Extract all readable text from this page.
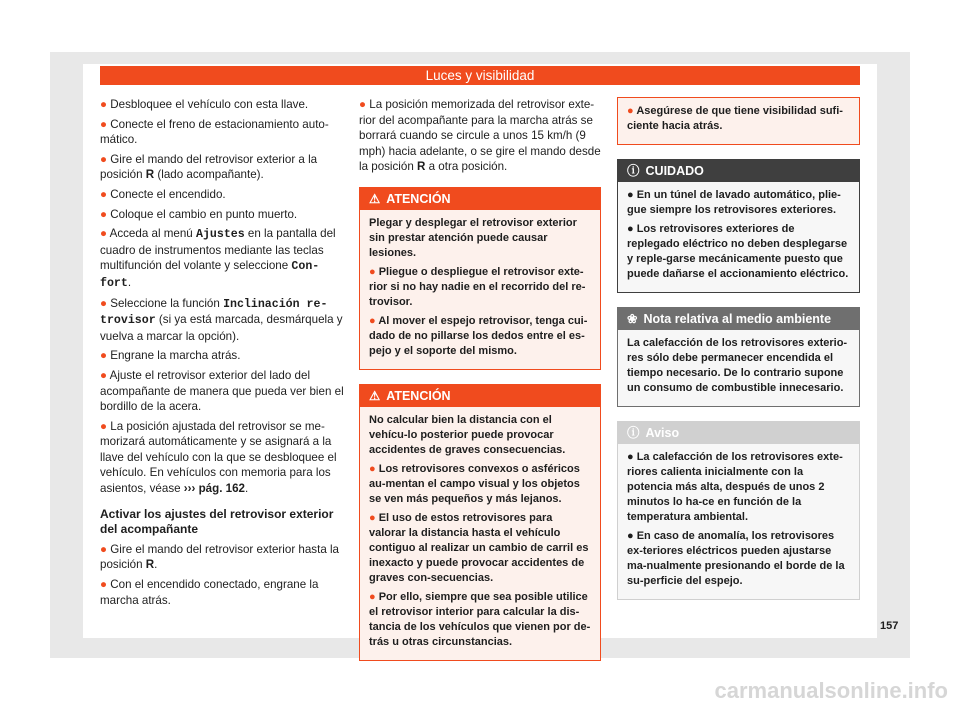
Luces y visibilidad

● Desbloquee el vehículo con esta llave.

● Conecte el freno de estacionamiento auto-mático.

● Gire el mando del retrovisor exterior a la posición R (lado acompañante).

● Conecte el encendido.

● Coloque el cambio en punto muerto.

● Acceda al menú Ajustes en la pantalla del cuadro de instrumentos mediante las teclas multifunción del volante y seleccione Con-fort.

● Seleccione la función Inclinación re-trovisor (si ya está marcada, desmárquela y vuelva a marcar la opción).

● Engrane la marcha atrás.

● Ajuste el retrovisor exterior del lado del acompañante de manera que pueda ver bien el bordillo de la acera.

● La posición ajustada del retrovisor se me-morizará automáticamente y se asignará a la llave del vehículo con la que se desbloquee el vehículo. En vehículos con memoria para los asientos, véase ››› pág. 162.

Activar los ajustes del retrovisor exterior del acompañante

● Gire el mando del retrovisor exterior hasta la posición R.

● Con el encendido conectado, engrane la marcha atrás.

● La posición memorizada del retrovisor exte-rior del acompañante para la marcha atrás se borrará cuando se circule a unos 15 km/h (9 mph) hacia adelante, o se gire el mando desde la posición R a otra posición.

⚠ ATENCIÓN

Plegar y desplegar el retrovisor exterior sin prestar atención puede causar lesiones.

● Pliegue o despliegue el retrovisor exte-rior si no hay nadie en el recorrido del re-trovisor.

● Al mover el espejo retrovisor, tenga cui-dado de no pillarse los dedos entre el es-pejo y el soporte del mismo.

⚠ ATENCIÓN

No calcular bien la distancia con el vehícu-lo posterior puede provocar accidentes de graves consecuencias.

● Los retrovisores convexos o asféricos au-mentan el campo visual y los objetos se ven más pequeños y más lejanos.

● El uso de estos retrovisores para valorar la distancia hasta el vehículo contiguo al realizar un cambio de carril es inexacto y puede provocar accidentes de graves con-secuencias.

● Por ello, siempre que sea posible utilice el retrovisor interior para calcular la dis-tancia de los vehículos que vienen por de-trás u otras circunstancias.

● Asegúrese de que tiene visibilidad sufi-ciente hacia atrás.

ⓘ CUIDADO

● En un túnel de lavado automático, plie-gue siempre los retrovisores exteriores.

● Los retrovisores exteriores de replegado eléctrico no deben desplegarse y reple-garse mecánicamente puesto que puede dañarse el accionamiento eléctrico.

❀ Nota relativa al medio ambiente

La calefacción de los retrovisores exterio-res sólo debe permanecer encendida el tiempo necesario. De lo contrario supone un consumo de combustible innecesario.

ⓘ Aviso

● La calefacción de los retrovisores exte-riores calienta inicialmente con la potencia más alta, después de unos 2 minutos lo ha-ce en función de la temperatura ambiental.

● En caso de anomalía, los retrovisores ex-teriores eléctricos pueden ajustarse ma-nualmente presionando el borde de la su-perficie del espejo.

157
carmanualsonline.info
